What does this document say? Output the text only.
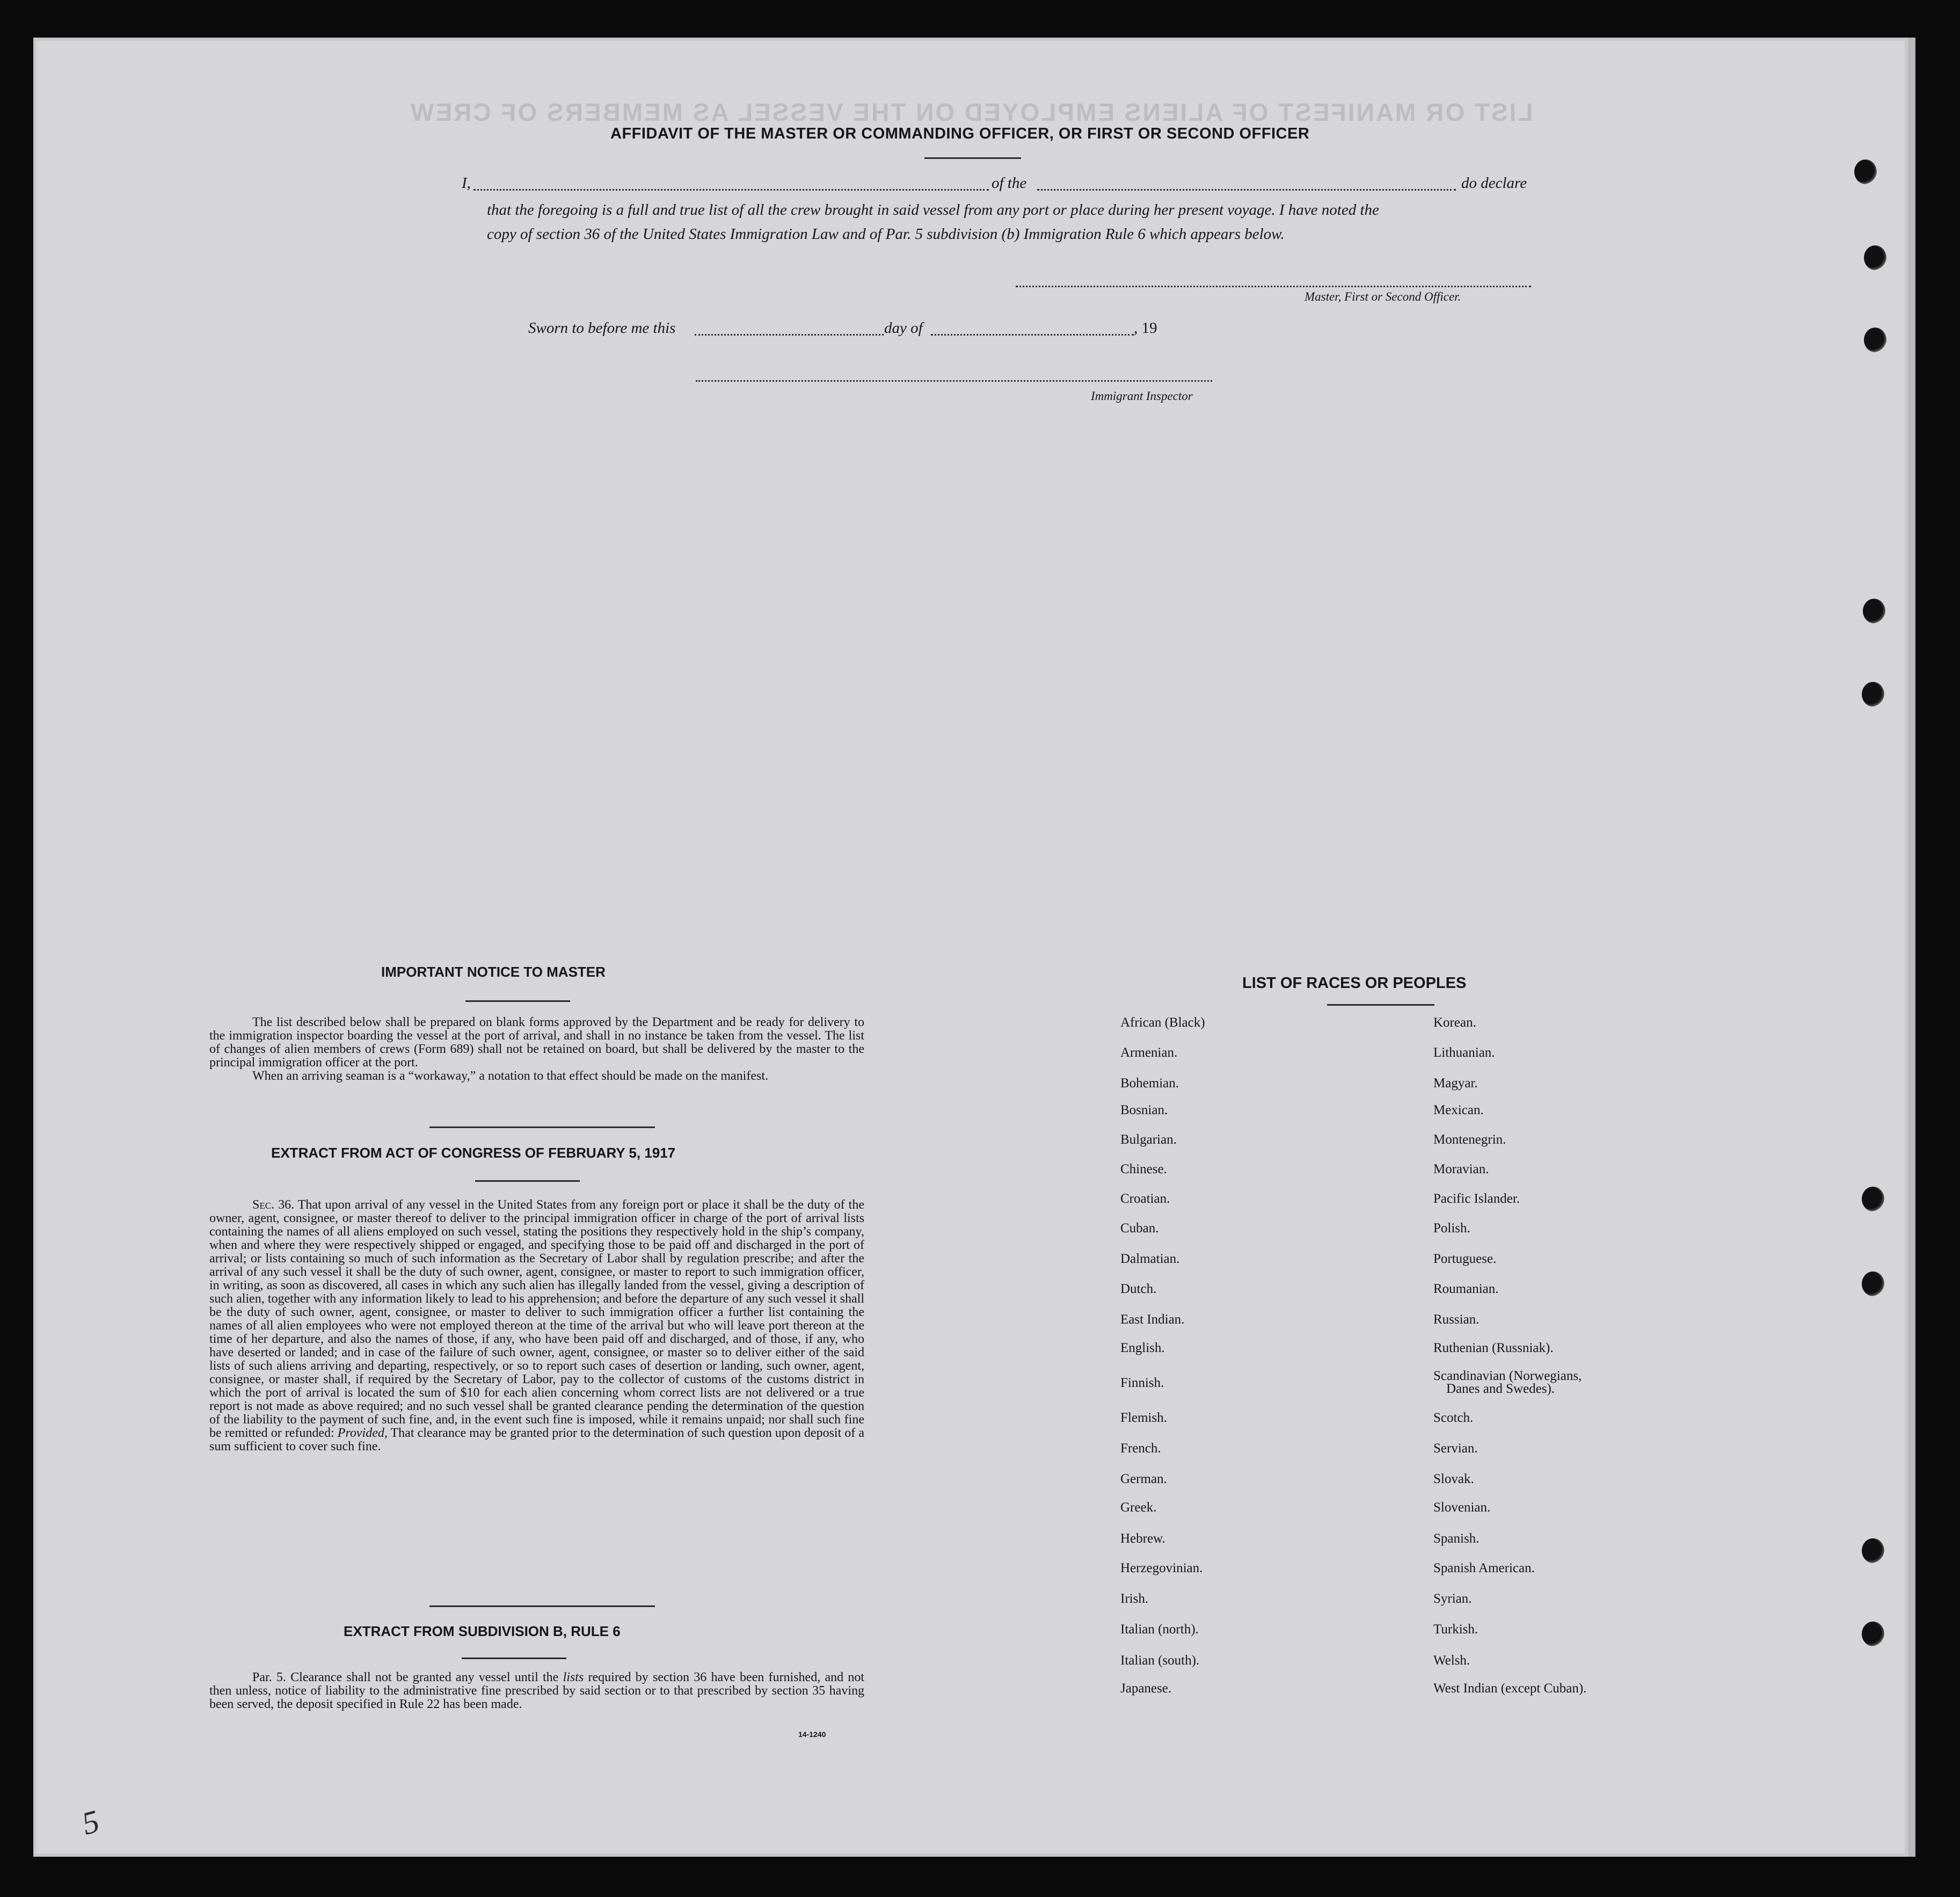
LIST OR MANIFEST OF ALIENS EMPLOYED ON THE VESSEL AS MEMBERS OF CREW
AFFIDAVIT OF THE MASTER OR COMMANDING OFFICER, OR FIRST OR SECOND OFFICER
I,	of the	do declare
that the foregoing is a full and true list of all the crew brought in said vessel from any port or place during her present voyage. I have noted the
copy of section 36 of the United States Immigration Law and of Par. 5 subdivision (b) Immigration Rule 6 which appears below.
Master, First or Second Officer.
Sworn to before me this	day of	, 19
Immigrant Inspector
IMPORTANT NOTICE TO MASTER
The list described below shall be prepared on blank forms approved by the Department and be ready for delivery to the immigration inspector boarding the vessel at the port of arrival, and shall in no instance be taken from the vessel. The list of changes of alien members of crews (Form 689) shall not be retained on board, but shall be delivered by the master to the principal immigration officer at the port.
When an arriving seaman is a “workaway,” a notation to that effect should be made on the manifest.
EXTRACT FROM ACT OF CONGRESS OF FEBRUARY 5, 1917
Sec. 36. That upon arrival of any vessel in the United States from any foreign port or place it shall be the duty of the owner, agent, consignee, or master thereof to deliver to the principal immigration officer in charge of the port of arrival lists containing the names of all aliens employed on such vessel, stating the positions they respectively hold in the ship’s company, when and where they were respectively shipped or engaged, and specifying those to be paid off and discharged in the port of arrival; or lists containing so much of such information as the Secretary of Labor shall by regulation prescribe; and after the arrival of any such vessel it shall be the duty of such owner, agent, consignee, or master to report to such immigration officer, in writing, as soon as discovered, all cases in which any such alien has illegally landed from the vessel, giving a description of such alien, together with any information likely to lead to his apprehension; and before the departure of any such vessel it shall be the duty of such owner, agent, consignee, or master to deliver to such immigration officer a further list containing the names of all alien employees who were not employed thereon at the time of the arrival but who will leave port thereon at the time of her departure, and also the names of those, if any, who have been paid off and discharged, and of those, if any, who have deserted or landed; and in case of the failure of such owner, agent, consignee, or master so to deliver either of the said lists of such aliens arriving and departing, respectively, or so to report such cases of desertion or landing, such owner, agent, consignee, or master shall, if required by the Secretary of Labor, pay to the collector of customs of the customs district in which the port of arrival is located the sum of $10 for each alien concerning whom correct lists are not delivered or a true report is not made as above required; and no such vessel shall be granted clearance pending the determination of the question of the liability to the payment of such fine, and, in the event such fine is imposed, while it remains unpaid; nor shall such fine be remitted or refunded: Provided, That clearance may be granted prior to the determination of such question upon deposit of a sum sufficient to cover such fine.
EXTRACT FROM SUBDIVISION B, RULE 6
Par. 5. Clearance shall not be granted any vessel until the lists required by section 36 have been furnished, and not then unless, notice of liability to the administrative fine prescribed by said section or to that prescribed by section 35 having been served, the deposit specified in Rule 22 has been made.
14-1240
LIST OF RACES OR PEOPLES
African (Black)
Armenian.
Bohemian.
Bosnian.
Bulgarian.
Chinese.
Croatian.
Cuban.
Dalmatian.
Dutch.
East Indian.
English.
Finnish.
Flemish.
French.
German.
Greek.
Hebrew.
Herzegovinian.
Irish.
Italian (north).
Italian (south).
Japanese.
Korean.
Lithuanian.
Magyar.
Mexican.
Montenegrin.
Moravian.
Pacific Islander.
Polish.
Portuguese.
Roumanian.
Russian.
Ruthenian (Russniak).
Scandinavian (Norwegians,
Danes and Swedes).
Scotch.
Servian.
Slovak.
Slovenian.
Spanish.
Spanish American.
Syrian.
Turkish.
Welsh.
West Indian (except Cuban).
5
